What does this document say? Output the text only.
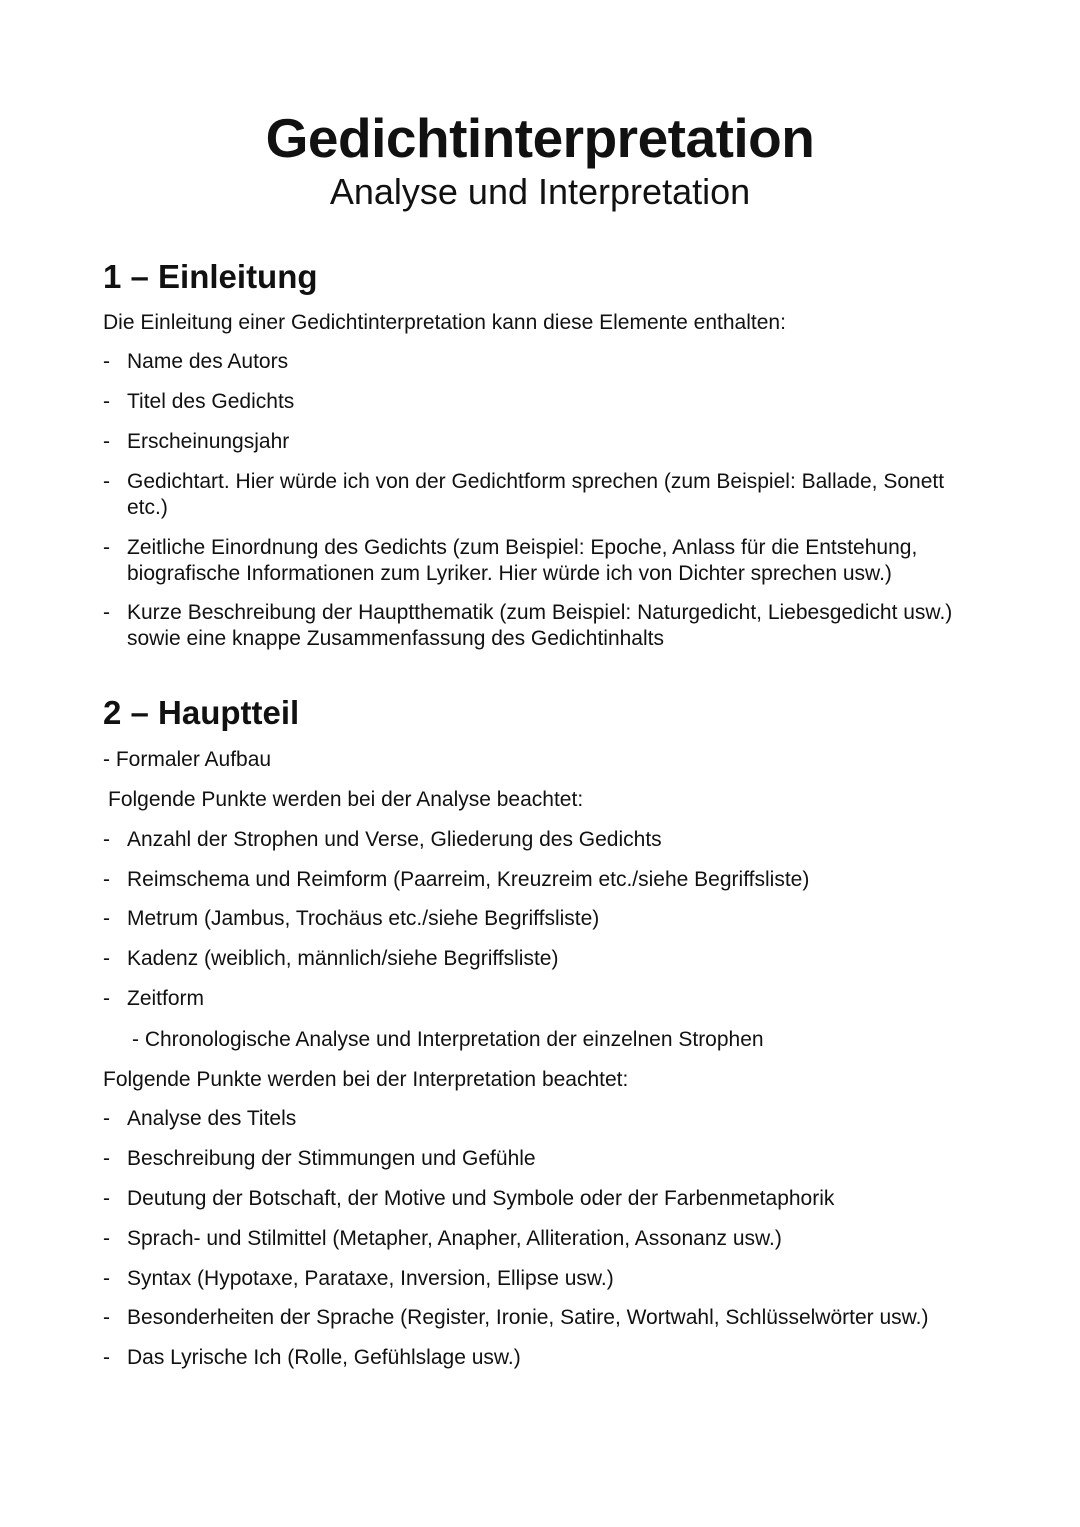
Gedichtinterpretation
Analyse und Interpretation
1 – Einleitung
Die Einleitung einer Gedichtinterpretation kann diese Elemente enthalten:
- Name des Autors
- Titel des Gedichts
- Erscheinungsjahr
- Gedichtart. Hier würde ich von der Gedichtform sprechen (zum Beispiel: Ballade, Sonett etc.)
- Zeitliche Einordnung des Gedichts (zum Beispiel: Epoche, Anlass für die Entstehung, biografische Informationen zum Lyriker. Hier würde ich von Dichter sprechen usw.)
- Kurze Beschreibung der Hauptthematik (zum Beispiel: Naturgedicht, Liebesgedicht usw.) sowie eine knappe Zusammenfassung des Gedichtinhalts
2 – Hauptteil
- Formaler Aufbau
Folgende Punkte werden bei der Analyse beachtet:
- Anzahl der Strophen und Verse, Gliederung des Gedichts
- Reimschema und Reimform (Paarreim, Kreuzreim etc./siehe Begriffsliste)
- Metrum (Jambus, Trochäus etc./siehe Begriffsliste)
- Kadenz (weiblich, männlich/siehe Begriffsliste)
- Zeitform
- Chronologische Analyse und Interpretation der einzelnen Strophen
Folgende Punkte werden bei der Interpretation beachtet:
- Analyse des Titels
- Beschreibung der Stimmungen und Gefühle
- Deutung der Botschaft, der Motive und Symbole oder der Farbenmetaphorik
- Sprach- und Stilmittel (Metapher, Anapher, Alliteration, Assonanz usw.)
- Syntax (Hypotaxe, Parataxe, Inversion, Ellipse usw.)
- Besonderheiten der Sprache (Register, Ironie, Satire, Wortwahl, Schlüsselwörter usw.)
- Das Lyrische Ich (Rolle, Gefühlslage usw.)
